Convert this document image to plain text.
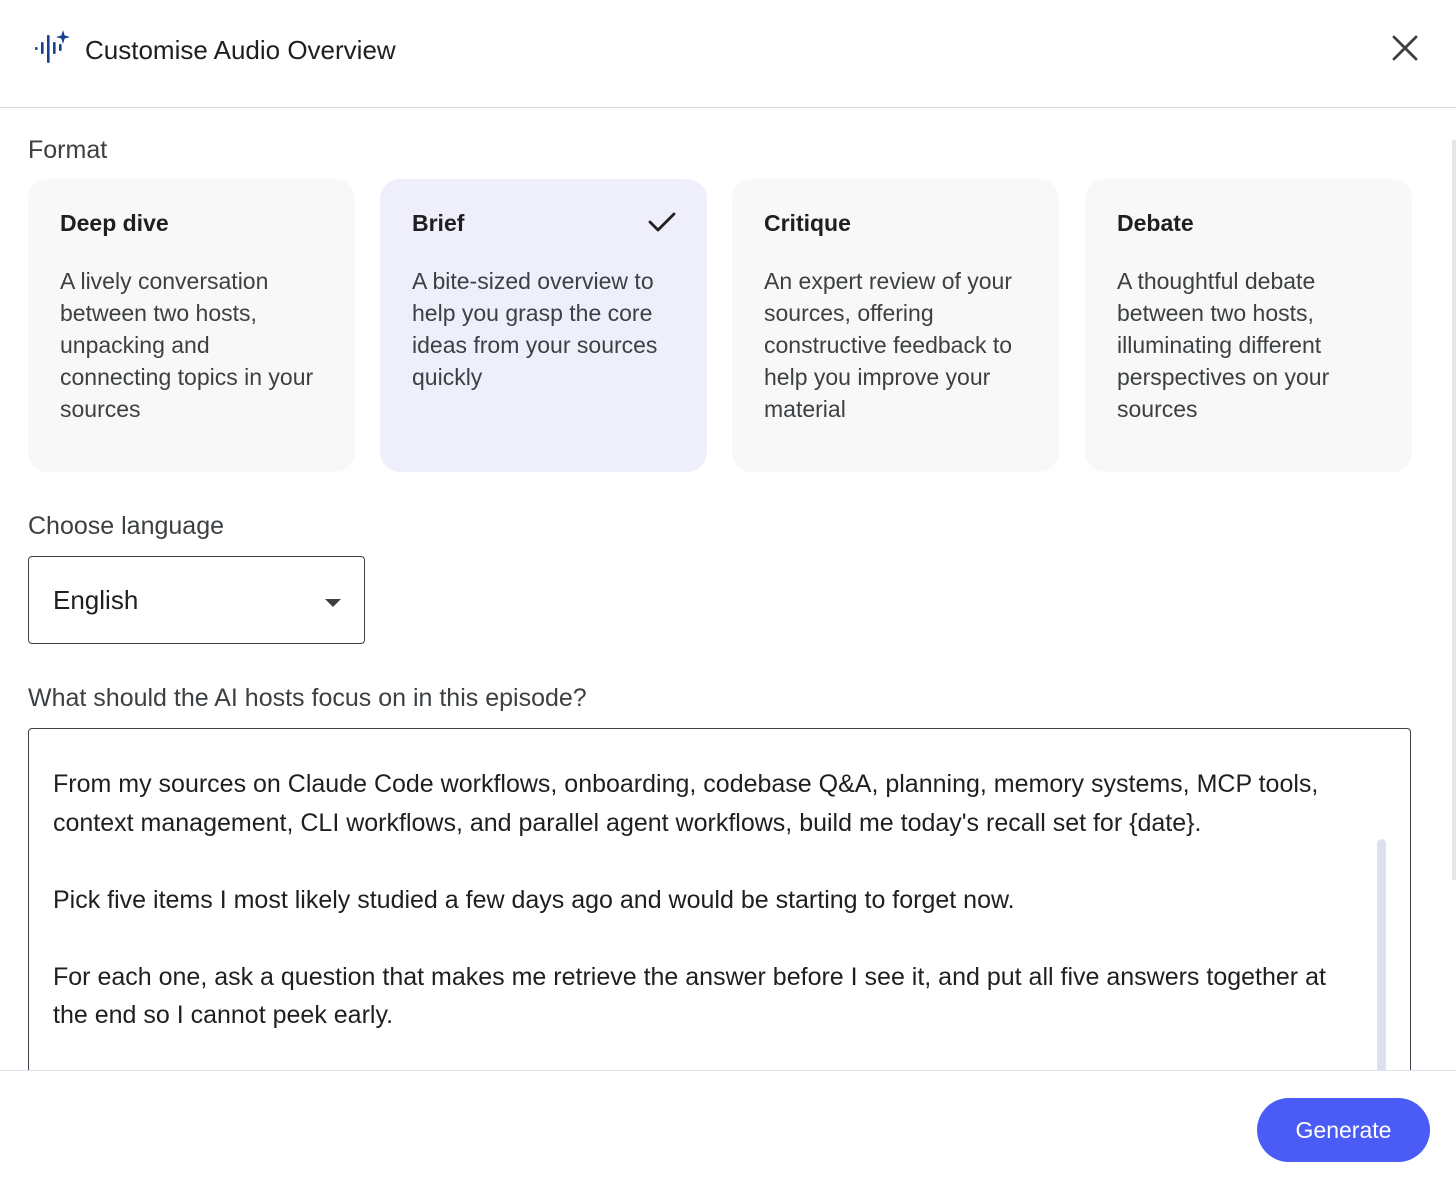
Customise Audio Overview
Format
Deep dive
A lively conversation between two hosts, unpacking and connecting topics in your sources
Brief
A bite-sized overview to help you grasp the core ideas from your sources quickly
Critique
An expert review of your sources, offering constructive feedback to help you improve your material
Debate
A thoughtful debate between two hosts, illuminating different perspectives on your sources
Choose language
English
What should the AI hosts focus on in this episode?

From my sources on Claude Code workflows, onboarding, codebase Q&A, planning, memory systems, MCP tools, context management, CLI workflows, and parallel agent workflows, build me today's recall set for {date}.

Pick five items I most likely studied a few days ago and would be starting to forget now.

For each one, ask a question that makes me retrieve the answer before I see it, and put all five answers together at the end so I cannot peek early.

Generate
